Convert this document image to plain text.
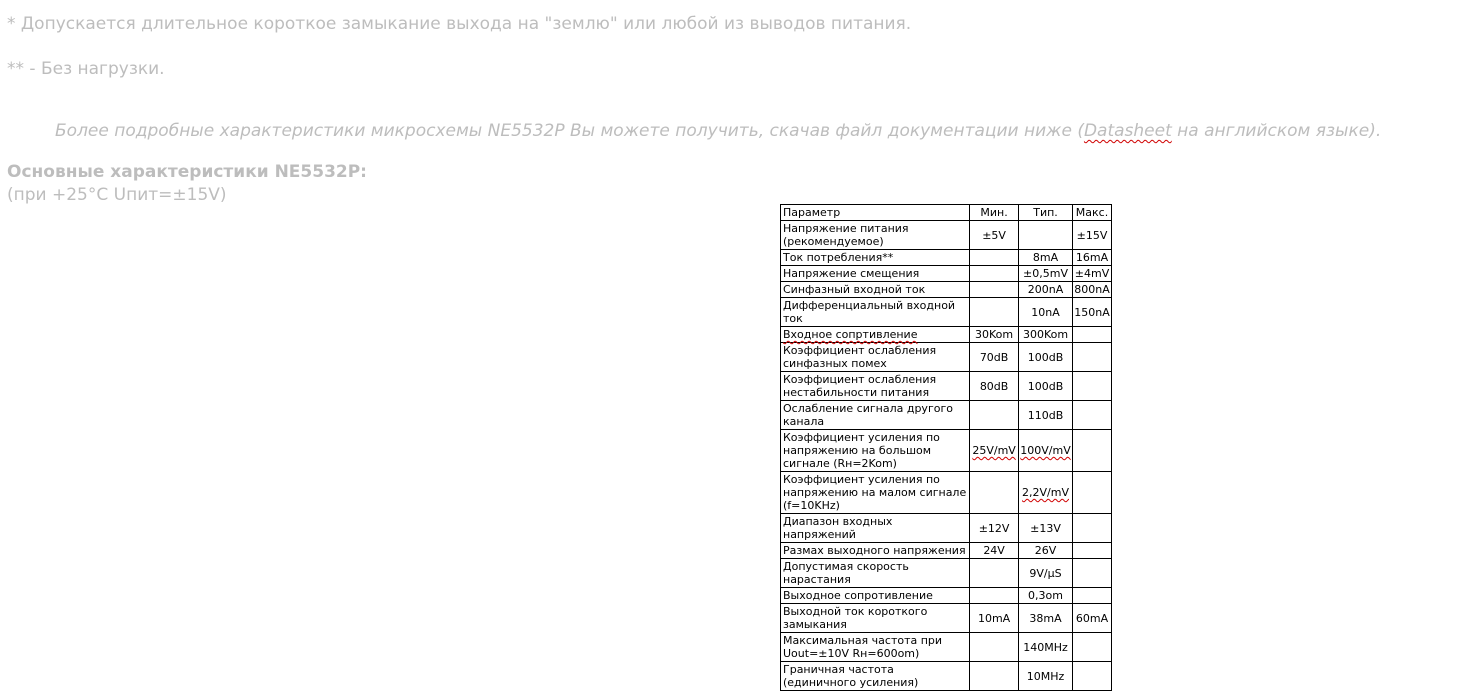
* Допускается длительное короткое замыкание выхода на "землю" или любой из выводов питания.
** - Без нагрузки.
Более подробные характеристики микросхемы NE5532P Вы можете получить, скачав файл документации ниже (Datasheet на английском языке).
Основные характеристики NE5532P:
(при +25°С Uпит=±15V)
Параметр	Мин.	Тип.	Макс.
Напряжение питания (рекомендуемое)	±5V		±15V
Ток потребления**		8mA	16mA
Напряжение смещения		±0,5mV	±4mV
Синфазный входной ток		200nA	800nA
Дифференциальный входной ток		10nA	150nA
Входное сопртивление	30Kom	300Kom	
Коэффициент ослабления синфазных помех	70dB	100dB	
Коэффициент ослабления нестабильности питания	80dB	100dB	
Ослабление сигнала другого канала		110dB	
Коэффициент усиления по напряжению на большом сигнале (Rн=2Kom)	25V/mV	100V/mV	
Коэффициент усиления по напряжению на малом сигнале (f=10KHz)		2,2V/mV	
Диапазон входных напряжений	±12V	±13V	
Размах выходного напряжения	24V	26V	
Допустимая скорость нарастания		9V/µS	
Выходное сопротивление		0,3om	
Выходной ток короткого замыкания	10mA	38mA	60mA
Максимальная частота при Uout=±10V Rн=600om)		140MHz	
Граничная частота (единичного усиления)		10MHz	
